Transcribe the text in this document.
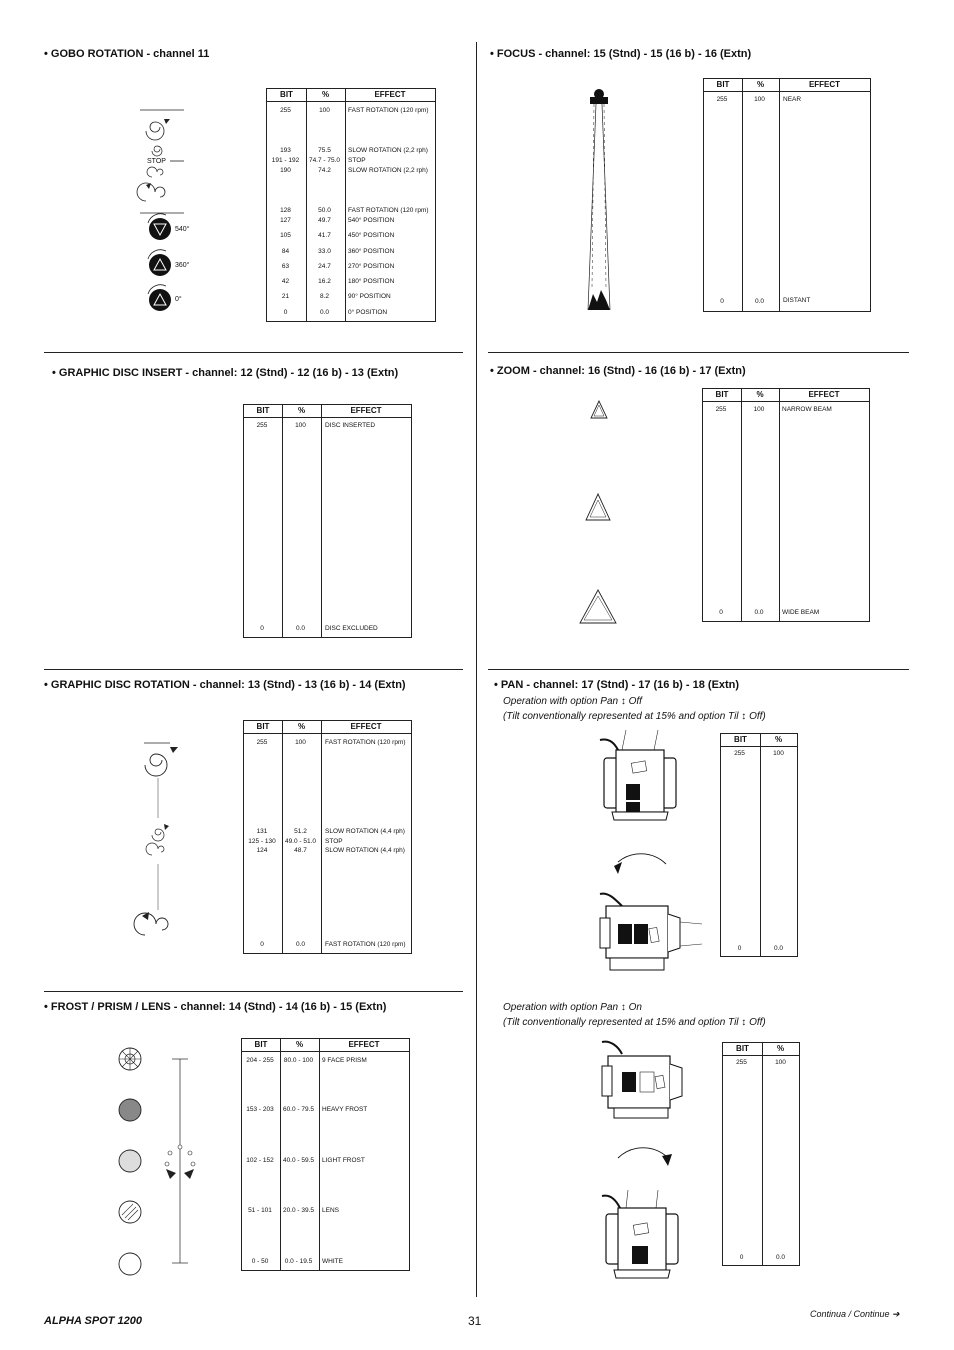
• GOBO ROTATION - channel 11
STOP
540°
360°
0°
BIT	%	EFFECT
255	100	FAST ROTATION (120 rpm)
193	75.5	SLOW ROTATION (2,2 rph)
191 - 192	74.7 - 75.0	STOP
190	74.2	SLOW ROTATION (2,2 rph)
128	50.0	FAST ROTATION (120 rpm)
127	49.7	540° POSITION
105	41.7	450° POSITION
84	33.0	360° POSITION
63	24.7	270° POSITION
42	16.2	180° POSITION
21	8.2	90° POSITION
0	0.0	0° POSITION
• GRAPHIC DISC INSERT - channel: 12 (Stnd) - 12 (16 b) - 13 (Extn)
BIT	%	EFFECT
255	100	DISC INSERTED
0	0.0	DISC EXCLUDED
• GRAPHIC DISC ROTATION - channel: 13 (Stnd) - 13 (16 b) - 14 (Extn)
BIT	%	EFFECT
255	100	FAST ROTATION (120 rpm)
131	51.2	SLOW ROTATION (4,4 rph)
125 - 130	49.0 - 51.0	STOP
124	48.7	SLOW ROTATION (4,4 rph)
0	0.0	FAST ROTATION (120 rpm)
• FROST / PRISM / LENS - channel: 14 (Stnd) - 14 (16 b) - 15 (Extn)
BIT	%	EFFECT
204 - 255	80.0 - 100	9 FACE PRISM
153 - 203	60.0 - 79.5	HEAVY FROST
102 - 152	40.0 - 59.5	LIGHT FROST
51 - 101	20.0 - 39.5	LENS
0 - 50	0.0 - 19.5	WHITE
• FOCUS - channel: 15 (Stnd) - 15 (16 b) - 16 (Extn)
BIT	%	EFFECT
255	100	NEAR
0	0.0	DISTANT
• ZOOM - channel: 16 (Stnd) - 16 (16 b) - 17 (Extn)
BIT	%	EFFECT
255	100	NARROW BEAM
0	0.0	WIDE BEAM
• PAN - channel: 17 (Stnd) - 17 (16 b) - 18 (Extn)
Operation with option Pan ↕ Off
(Tilt conventionally represented at 15% and option Til ↕ Off)
BIT	%
255	100
0	0.0
Operation with option Pan ↕ On
(Tilt conventionally represented at 15% and option Til ↕ Off)
BIT	%
255	100
0	0.0
ALPHA SPOT 1200	31	Continua / Continue ➔
